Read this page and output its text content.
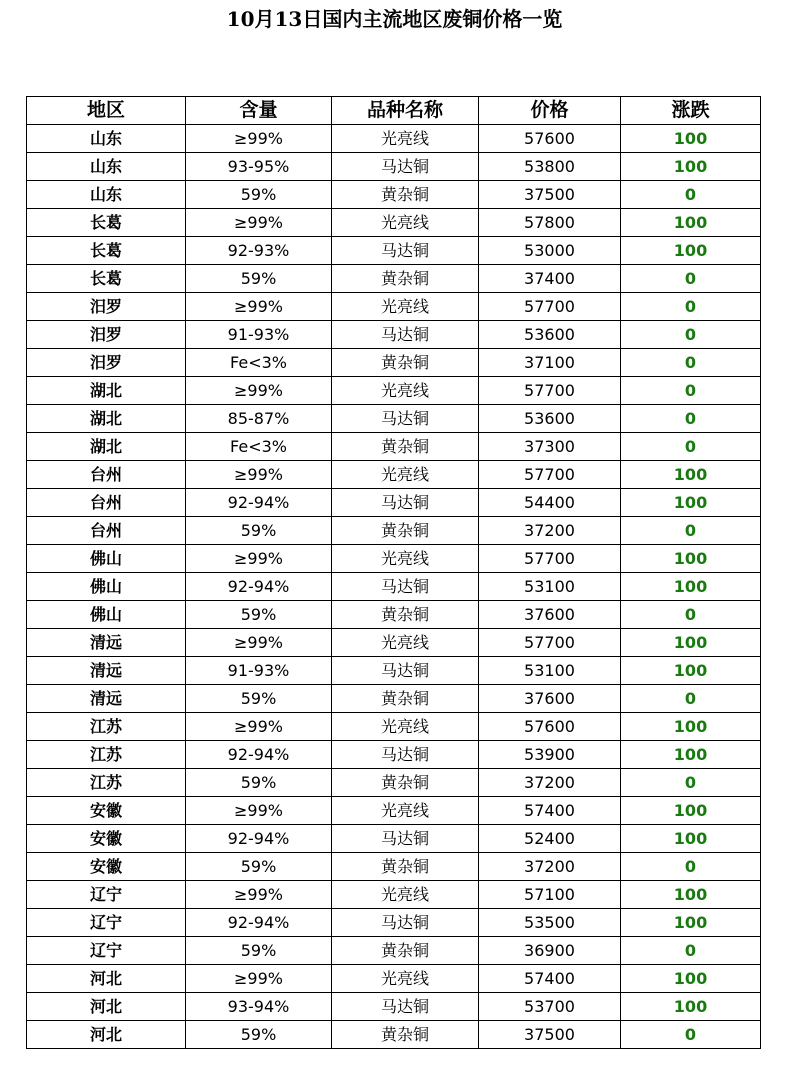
10月13日国内主流地区废铜价格一览
地区	含量	品种名称	价格	涨跌
山东	≥99%	光亮线	57600	100
山东	93-95%	马达铜	53800	100
山东	59%	黄杂铜	37500	0
长葛	≥99%	光亮线	57800	100
长葛	92-93%	马达铜	53000	100
长葛	59%	黄杂铜	37400	0
汨罗	≥99%	光亮线	57700	0
汨罗	91-93%	马达铜	53600	0
汨罗	Fe<3%	黄杂铜	37100	0
湖北	≥99%	光亮线	57700	0
湖北	85-87%	马达铜	53600	0
湖北	Fe<3%	黄杂铜	37300	0
台州	≥99%	光亮线	57700	100
台州	92-94%	马达铜	54400	100
台州	59%	黄杂铜	37200	0
佛山	≥99%	光亮线	57700	100
佛山	92-94%	马达铜	53100	100
佛山	59%	黄杂铜	37600	0
清远	≥99%	光亮线	57700	100
清远	91-93%	马达铜	53100	100
清远	59%	黄杂铜	37600	0
江苏	≥99%	光亮线	57600	100
江苏	92-94%	马达铜	53900	100
江苏	59%	黄杂铜	37200	0
安徽	≥99%	光亮线	57400	100
安徽	92-94%	马达铜	52400	100
安徽	59%	黄杂铜	37200	0
辽宁	≥99%	光亮线	57100	100
辽宁	92-94%	马达铜	53500	100
辽宁	59%	黄杂铜	36900	0
河北	≥99%	光亮线	57400	100
河北	93-94%	马达铜	53700	100
河北	59%	黄杂铜	37500	0
